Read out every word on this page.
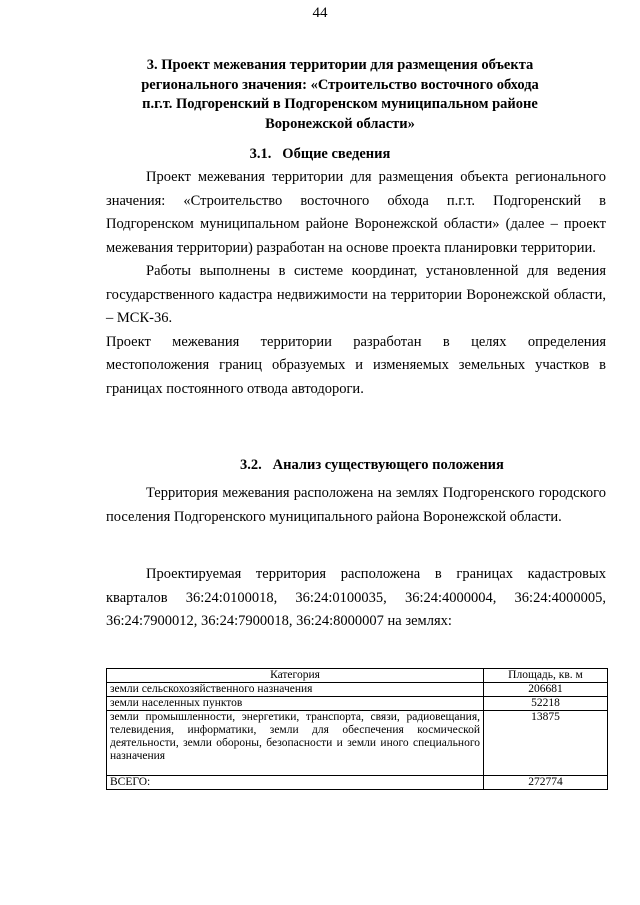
44
3. Проект межевания территории для размещения объекта
регионального значения: «Строительство восточного обхода
п.г.т. Подгоренский в Подгоренском муниципальном районе
Воронежской области»
3.1.   Общие сведения
Проект межевания территории для размещения объекта регионального значения: «Строительство восточного обхода п.г.т. Подгоренский в Подгоренском муниципальном районе Воронежской области» (далее – проект межевания территории) разработан на основе проекта планировки территории.
Работы выполнены в системе координат, установленной для ведения государственного кадастра недвижимости на территории Воронежской области, – МСК-36.
Проект межевания территории разработан в целях определения местоположения границ образуемых и изменяемых земельных участков в границах постоянного отвода автодороги.
3.2.   Анализ существующего положения
Территория межевания расположена на землях Подгоренского городского поселения Подгоренского муниципального района Воронежской области.
Проектируемая территория расположена в границах кадастровых кварталов 36:24:0100018, 36:24:0100035, 36:24:4000004, 36:24:4000005, 36:24:7900012, 36:24:7900018, 36:24:8000007 на землях:
Категория	Площадь, кв. м
земли сельскохозяйственного назначения	206681
земли населенных пунктов	52218
земли промышленности, энергетики, транспорта, связи, радиовещания, телевидения, информатики, земли для обеспечения космической деятельности, земли обороны, безопасности и земли иного специального назначения	13875
ВСЕГО:	272774
